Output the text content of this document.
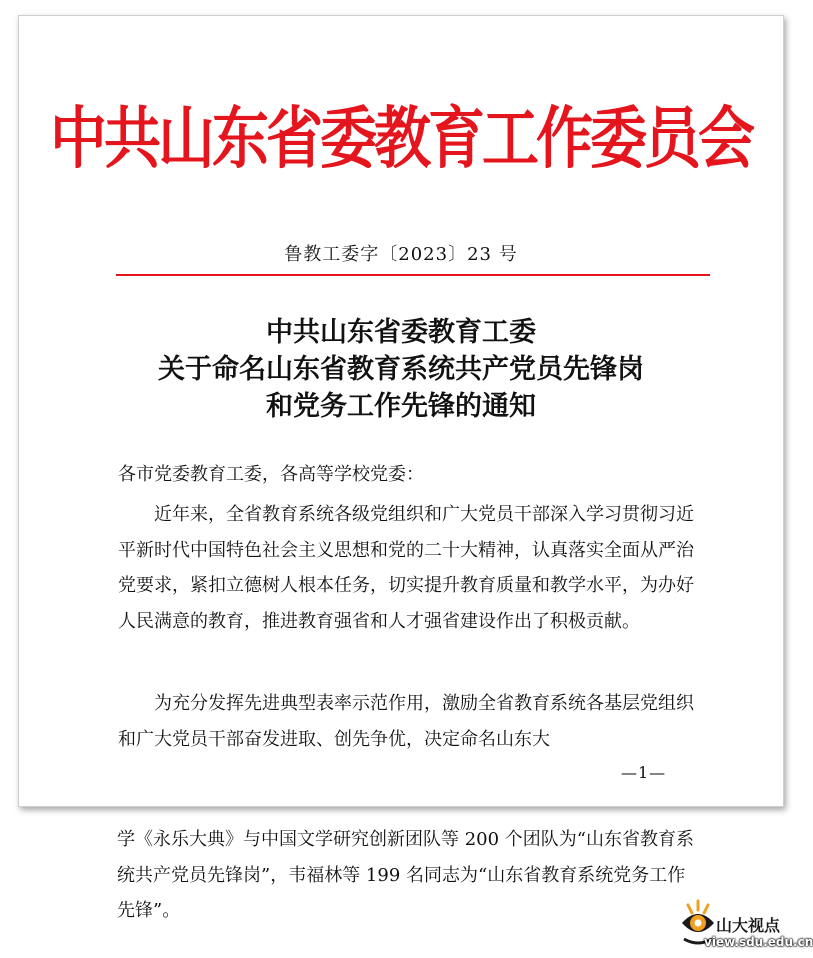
中共山东省委教育工作委员会
鲁教工委字〔2023〕23 号
中共山东省委教育工委
关于命名山东省教育系统共产党员先锋岗
和党务工作先锋的通知
各市党委教育工委，各高等学校党委：
近年来，全省教育系统各级党组织和广大党员干部深入学习贯彻习近平新时代中国特色社会主义思想和党的二十大精神，认真落实全面从严治党要求，紧扣立德树人根本任务，切实提升教育质量和教学水平，为办好人民满意的教育，推进教育强省和人才强省建设作出了积极贡献。
为充分发挥先进典型表率示范作用，激励全省教育系统各基层党组织和广大党员干部奋发进取、创先争优，决定命名山东大
—1—
学《永乐大典》与中国文学研究创新团队等 200 个团队为“山东省教育系统共产党员先锋岗”，韦福林等 199 名同志为“山东省教育系统党务工作先锋”。
山大视点
view.sdu.edu.cn
